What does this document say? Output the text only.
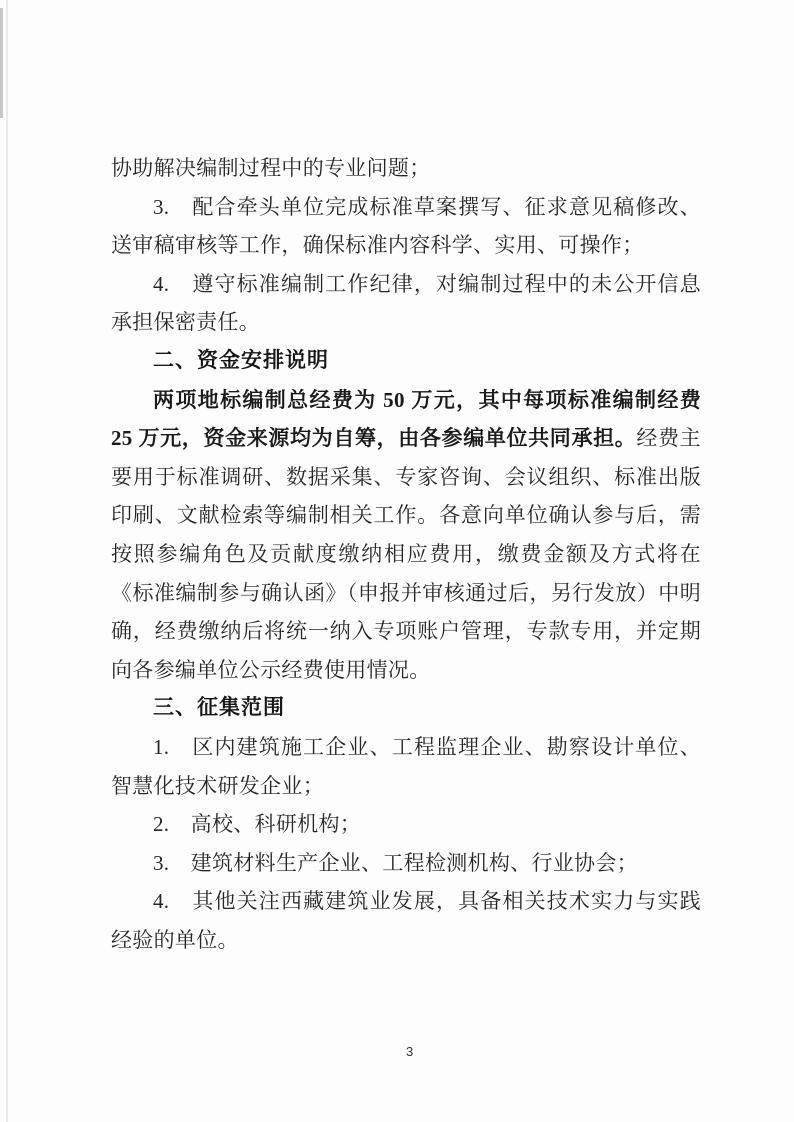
协助解决编制过程中的专业问题；

3.　配合牵头单位完成标准草案撰写、征求意见稿修改、送审稿审核等工作，确保标准内容科学、实用、可操作；

4.　遵守标准编制工作纪律，对编制过程中的未公开信息承担保密责任。

二、资金安排说明

两项地标编制总经费为 50 万元，其中每项标准编制经费 25 万元，资金来源均为自筹，由各参编单位共同承担。经费主要用于标准调研、数据采集、专家咨询、会议组织、标准出版印刷、文献检索等编制相关工作。各意向单位确认参与后，需按照参编角色及贡献度缴纳相应费用，缴费金额及方式将在《标准编制参与确认函》（申报并审核通过后，另行发放）中明确，经费缴纳后将统一纳入专项账户管理，专款专用，并定期向各参编单位公示经费使用情况。

三、征集范围

1.　区内建筑施工企业、工程监理企业、勘察设计单位、智慧化技术研发企业；

2.　高校、科研机构；

3.　建筑材料生产企业、工程检测机构、行业协会；

4.　其他关注西藏建筑业发展，具备相关技术实力与实践经验的单位。

3
